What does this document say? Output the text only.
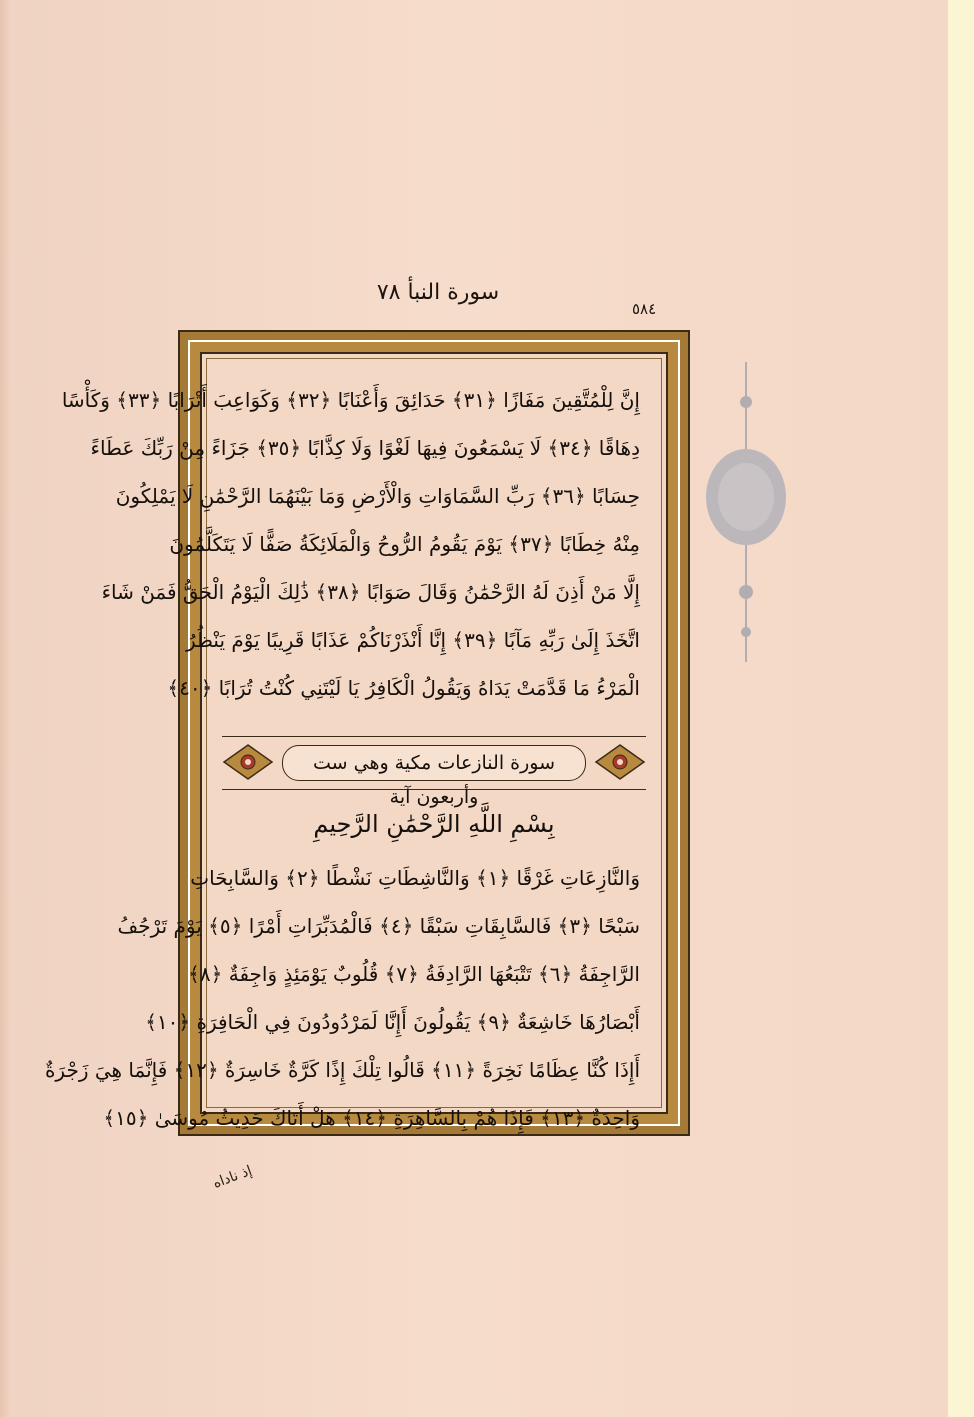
سورة النبأ ٧٨
٥٨٤
إِنَّ لِلْمُتَّقِينَ مَفَازًا ﴿٣١﴾ حَدَائِقَ وَأَعْنَابًا ﴿٣٢﴾ وَكَوَاعِبَ أَتْرَابًا ﴿٣٣﴾ وَكَأْسًا
دِهَاقًا ﴿٣٤﴾ لَا يَسْمَعُونَ فِيهَا لَغْوًا وَلَا كِذَّابًا ﴿٣٥﴾ جَزَاءً مِنْ رَبِّكَ عَطَاءً
حِسَابًا ﴿٣٦﴾ رَبِّ السَّمَاوَاتِ وَالْأَرْضِ وَمَا بَيْنَهُمَا الرَّحْمَٰنِ لَا يَمْلِكُونَ
مِنْهُ خِطَابًا ﴿٣٧﴾ يَوْمَ يَقُومُ الرُّوحُ وَالْمَلَائِكَةُ صَفًّا لَا يَتَكَلَّمُونَ
إِلَّا مَنْ أَذِنَ لَهُ الرَّحْمَٰنُ وَقَالَ صَوَابًا ﴿٣٨﴾ ذَٰلِكَ الْيَوْمُ الْحَقُّ فَمَنْ شَاءَ
اتَّخَذَ إِلَىٰ رَبِّهِ مَآبًا ﴿٣٩﴾ إِنَّا أَنْذَرْنَاكُمْ عَذَابًا قَرِيبًا يَوْمَ يَنْظُرُ
الْمَرْءُ مَا قَدَّمَتْ يَدَاهُ وَيَقُولُ الْكَافِرُ يَا لَيْتَنِي كُنْتُ تُرَابًا ﴿٤٠﴾
سورة النازعات مكية وهي ست وأربعون آية
بِسْمِ اللَّهِ الرَّحْمَٰنِ الرَّحِيمِ
وَالنَّازِعَاتِ غَرْقًا ﴿١﴾ وَالنَّاشِطَاتِ نَشْطًا ﴿٢﴾ وَالسَّابِحَاتِ
سَبْحًا ﴿٣﴾ فَالسَّابِقَاتِ سَبْقًا ﴿٤﴾ فَالْمُدَبِّرَاتِ أَمْرًا ﴿٥﴾ يَوْمَ تَرْجُفُ
الرَّاجِفَةُ ﴿٦﴾ تَتْبَعُهَا الرَّادِفَةُ ﴿٧﴾ قُلُوبٌ يَوْمَئِذٍ وَاجِفَةٌ ﴿٨﴾
أَبْصَارُهَا خَاشِعَةٌ ﴿٩﴾ يَقُولُونَ أَإِنَّا لَمَرْدُودُونَ فِي الْحَافِرَةِ ﴿١٠﴾
أَإِذَا كُنَّا عِظَامًا نَخِرَةً ﴿١١﴾ قَالُوا تِلْكَ إِذًا كَرَّةٌ خَاسِرَةٌ ﴿١٢﴾ فَإِنَّمَا هِيَ زَجْرَةٌ
وَاحِدَةٌ ﴿١٣﴾ فَإِذَا هُمْ بِالسَّاهِرَةِ ﴿١٤﴾ هَلْ أَتَاكَ حَدِيثُ مُوسَىٰ ﴿١٥﴾
إذ ناداه
